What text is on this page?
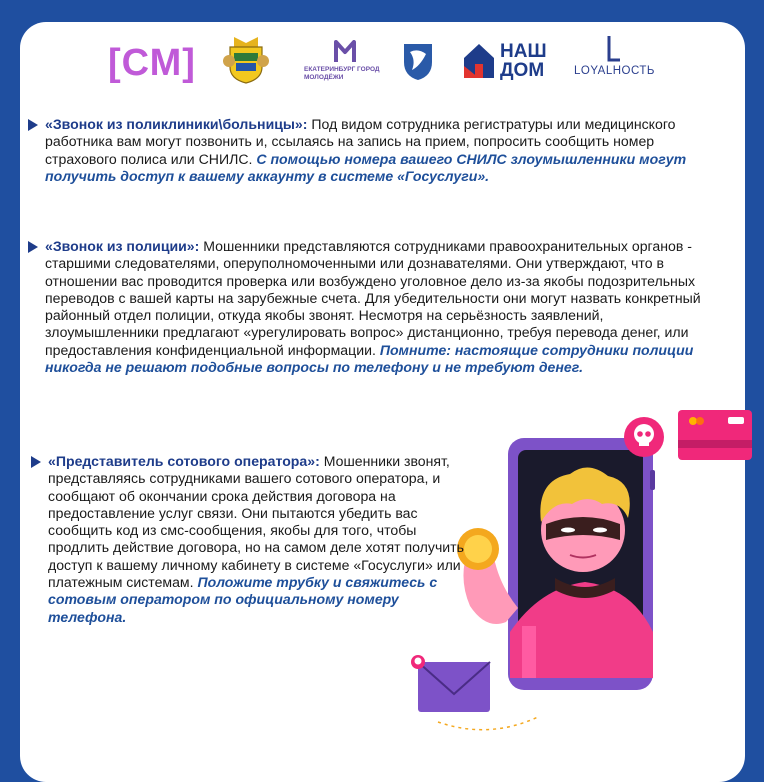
[СМ]	ЕКАТЕРИНБУРГ ГОРОД МОЛОДЁЖИ
НАШ
ДОМ	LOYALНОСТЬ
«Звонок из поликлиники\больницы»: Под видом сотрудника регистратуры или медицинского работника вам могут позвонить и, ссылаясь на запись на прием, попросить сообщить номер страхового полиса или СНИЛС. С помощью номера вашего СНИЛС злоумышленники могут получить доступ к вашему аккаунту в системе «Госуслуги».
«Звонок из полиции»: Мошенники представляются сотрудниками правоохранительных органов - старшими следователями, оперуполномоченными или дознавателями. Они утверждают, что в отношении вас проводится проверка или возбуждено уголовное дело из-за якобы подозрительных переводов с вашей карты на зарубежные счета. Для убедительности они могут назвать конкретный районный отдел полиции, откуда якобы звонят. Несмотря на серьёзность заявлений, злоумышленники предлагают «урегулировать вопрос» дистанционно, требуя перевода денег, или предоставления конфиденциальной информации. Помните: настоящие сотрудники полиции никогда не решают подобные вопросы по телефону и не требуют денег.
«Представитель сотового оператора»: Мошенники звонят, представляясь сотрудниками вашего сотового оператора, и сообщают об окончании срока действия договора на предоставление услуг связи. Они пытаются убедить вас сообщить код из смс-сообщения, якобы для того, чтобы продлить действие договора, но на самом деле хотят получить доступ к вашему личному кабинету в системе «Госуслуги» или платежным системам. Положите трубку и свяжитесь с сотовым оператором по официальному номеру телефона.
